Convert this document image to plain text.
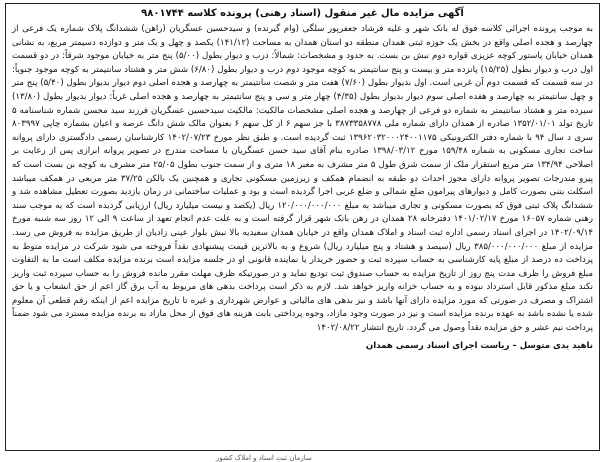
آگهی مزایده مال غیر منقول (اسناد رهنی) پرونده کلاسه ۹۸۰۱۷۴۴

به موجب پرونده اجرائی کلاسه فوق له بانک شهر و علیه فرشاد جعفرپور سلگی (وام گیرنده) و سیدحسین عسگریان (راهن) ششدانگ پلاک شماره یک فرعی از چهارصد و هجده اصلی واقع در بخش یک حوزه ثبتی همدان منطقه دو استان همدان به مساحت (۱۴۱/۱۲) یکصد و چهل و یک متر و دوازده دسیمتر مربع، به نشانی همدان خیابان پاستور کوچه عزیزی قواره دوم نبش بن بست. به حدود و مشخصات: شمالاً: درب و دیوار بطول (۵/۰۰) پنج متر به خیابان موجود شرقاً: در دو قسمت اول درب و دیوار بطول (۱۵/۲۵) پانزده متر و بیست و پنج سانتیمتر به کوچه موجود دوم درب و دیوار بطول (۶/۸۰) شش متر و هشتاد سانتیمتر به کوچه موجود جنوباً: در سه قسمت که قسمت دوم آن غربی است. اول بدیوار بطول (۷/۶۰) هفت متر و شصت سانتیمتر به چهارصد و هجده اصلی دوم دیوار بدیوار بطول (۵/۴۰) پنج متر و چهل سانتیمتر به چهارصد و هفده اصلی سوم دیوار بدیوار بطول (۴/۳۵) چهار متر و سی و پنج سانتیمتر به چهارصد و هجده اصلی غرباً: دیوار بدیوار بطول (۱۳/۸۰) سیزده متر و هشتاد سانتیمتر به شماره دو فرعی از چهارصد و هجده اصلی مشخصات مالکیت: مالکیت سیدحسین عسگریان فرزند سید محسن شماره شناسنامه ۵ تاریخ تولد ۱۳۵۲/۰۱/۰۱ صادره از همدان دارای شماره ملی ۳۸۷۳۳۵۸۷۷۸ با جز سهم ۶ از کل سهم ۶ بعنوان مالک شش دانگ عرصه و اعیان بشماره چاپی ۸۰۳۹۹۷ سری د سال ۹۴ با شماره دفتر الکترونیکی ۱۳۹۶۲۰۳۲۰۰۰۲۴۰۰۱۱۷۵ ثبت گردیده است. و طبق نظر مورخ ۱۴۰۲/۰۷/۲۳ کارشناسان رسمی دادگستری دارای پروانه ساخت تجاری مسکونی به شماره ۱۵۹/۴۸ مورخ ۱۳۹۸/۰۳/۱۲ صادره بنام آقای سید حسن عسگریان با مساحت مندرج در تصویر پروانه ابرازی پس از رعایت بر اصلاحی ۱۳۴/۹۴ متر مربع استقرار ملک از سمت شرق طول ۵ متر مشرف به معبر ۱۸ متری و از سمت جنوب بطول ۲۵/۰۵ متر مشرف به کوچه بن بست است که پیرو مندرجات تصویر پروانه دارای مجوز احداث دو طبقه به انضمام همکف و زیرزمین مسکونی تجاری و همچنین یک بالکن ۳۷/۲۵ متر مربعی در همکف میباشد اسکلت بتنی بصورت کامل و دیوارهای پیرامون ضلع شمالی و ضلع غربی اجرا گردیده است و بود و عملیات ساختمانی در زمان بازدید بصورت تعطیل مشاهده شد و ششدانگ پلاک ثبتی فوق که بصورت مسکونی و تجاری میباشد به مبلغ ۱۲۰/۰۰۰/۰۰۰/۰۰۰ ریال (یکصد و بیست میلیارد ریال) ارزیابی گردیده است که به موجب سند رهنی شماره ۱۶۰۵۷ مورخ ۱۴۰۱/۰۲/۱۷ دفترخانه ۲۸ همدان در رهن بانک شهر قرار گرفته است و به علت عدم انجام تعهد از ساعت ۹ الی ۱۲ روز سه شنبه مورخ ۱۴۰۲/۰۹/۱۴ در اجرای اسناد رسمی اداره ثبت اسناد و املاک همدان واقع در خیابان همدان سعیدیه بالا نبش بلوار عینی زادیان از طریق مزایده به فروش می رسد. مزایده از مبلغ ۳۸۵/۰۰۰/۰۰۰/۰۰۰ ریال (سیصد و هشتاد و پنج میلیارد ریال) شروع و به بالاترین قیمت پیشنهادی نقداً فروخته می شود شرکت در مزایده منوط به پرداخت ده درصد از مبلغ پایه کارشناسی به حساب سپرده ثبت و حضور خریدار یا نماینده قانونی او در جلسه مزایده است برنده مزایده مکلف است ما به التفاوت مبلغ فروش را ظرف مدت پنج روز از تاریخ مزایده به حساب صندوق ثبت تودیع نماید و در صورتیکه ظرف مهلت مقرر مانده فروش را به حساب سپرده ثبت واریز نکند مبلغ مذکور قابل استرداد نبوده و به حساب خزانه واریز خواهد شد. لازم به ذکر است پرداخت بدهی های مربوط به آب برق گاز اعم از حق انشعاب و یا حق اشتراک و مصرف در صورتی که مورد مزایده دارای آنها باشد و نیز بدهی های مالیاتی و عوارض شهرداری و غیره تا تاریخ مزایده اعم از اینکه رقم قطعی آن معلوم شده یا نشده باشد به عهده برنده مزایده است و نیز در صورت وجود مازاد، وجوه پرداختی بابت هزینه های فوق از محل مازاد به برنده مزایده مسترد می شود ضمناً پرداخت نیم عشر و حق مزایده نقداً وصول می گردد. تاریخ انتشار ۱۴۰۲/۰۸/۲۲

ناهید یدی متوسل – ریاست اجرای اسناد رسمی همدان
سازمان ثبت اسناد و املاک کشور
